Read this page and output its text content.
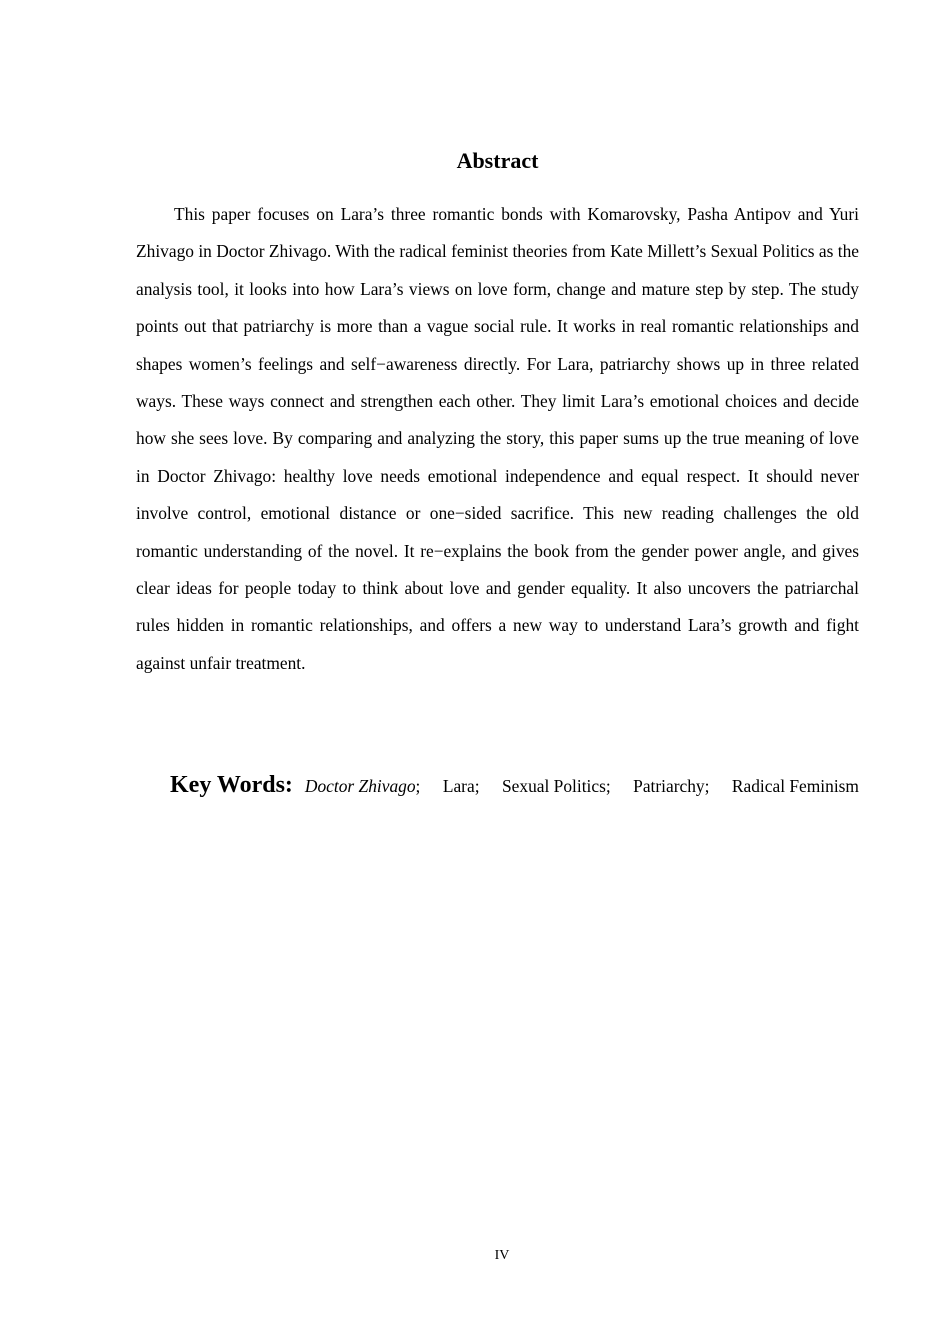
Abstract

This paper focuses on Lara’s three romantic bonds with Komarovsky, Pasha Antipov and Yuri Zhivago in Doctor Zhivago. With the radical feminist theories from Kate Millett’s Sexual Politics as the analysis tool, it looks into how Lara’s views on love form, change and mature step by step. The study points out that patriarchy is more than a vague social rule. It works in real romantic relationships and shapes women’s feelings and self−awareness directly. For Lara, patriarchy shows up in three related ways. These ways connect and strengthen each other. They limit Lara’s emotional choices and decide how she sees love. By comparing and analyzing the story, this paper sums up the true meaning of love in Doctor Zhivago: healthy love needs emotional independence and equal respect. It should never involve control, emotional distance or one−sided sacrifice. This new reading challenges the old romantic understanding of the novel. It re−explains the book from the gender power angle, and gives clear ideas for people today to think about love and gender equality. It also uncovers the patriarchal rules hidden in romantic relationships, and offers a new way to understand Lara’s growth and fight against unfair treatment.

Key Words: Doctor Zhivago; Lara; Sexual Politics; Patriarchy; Radical Feminism
IV
